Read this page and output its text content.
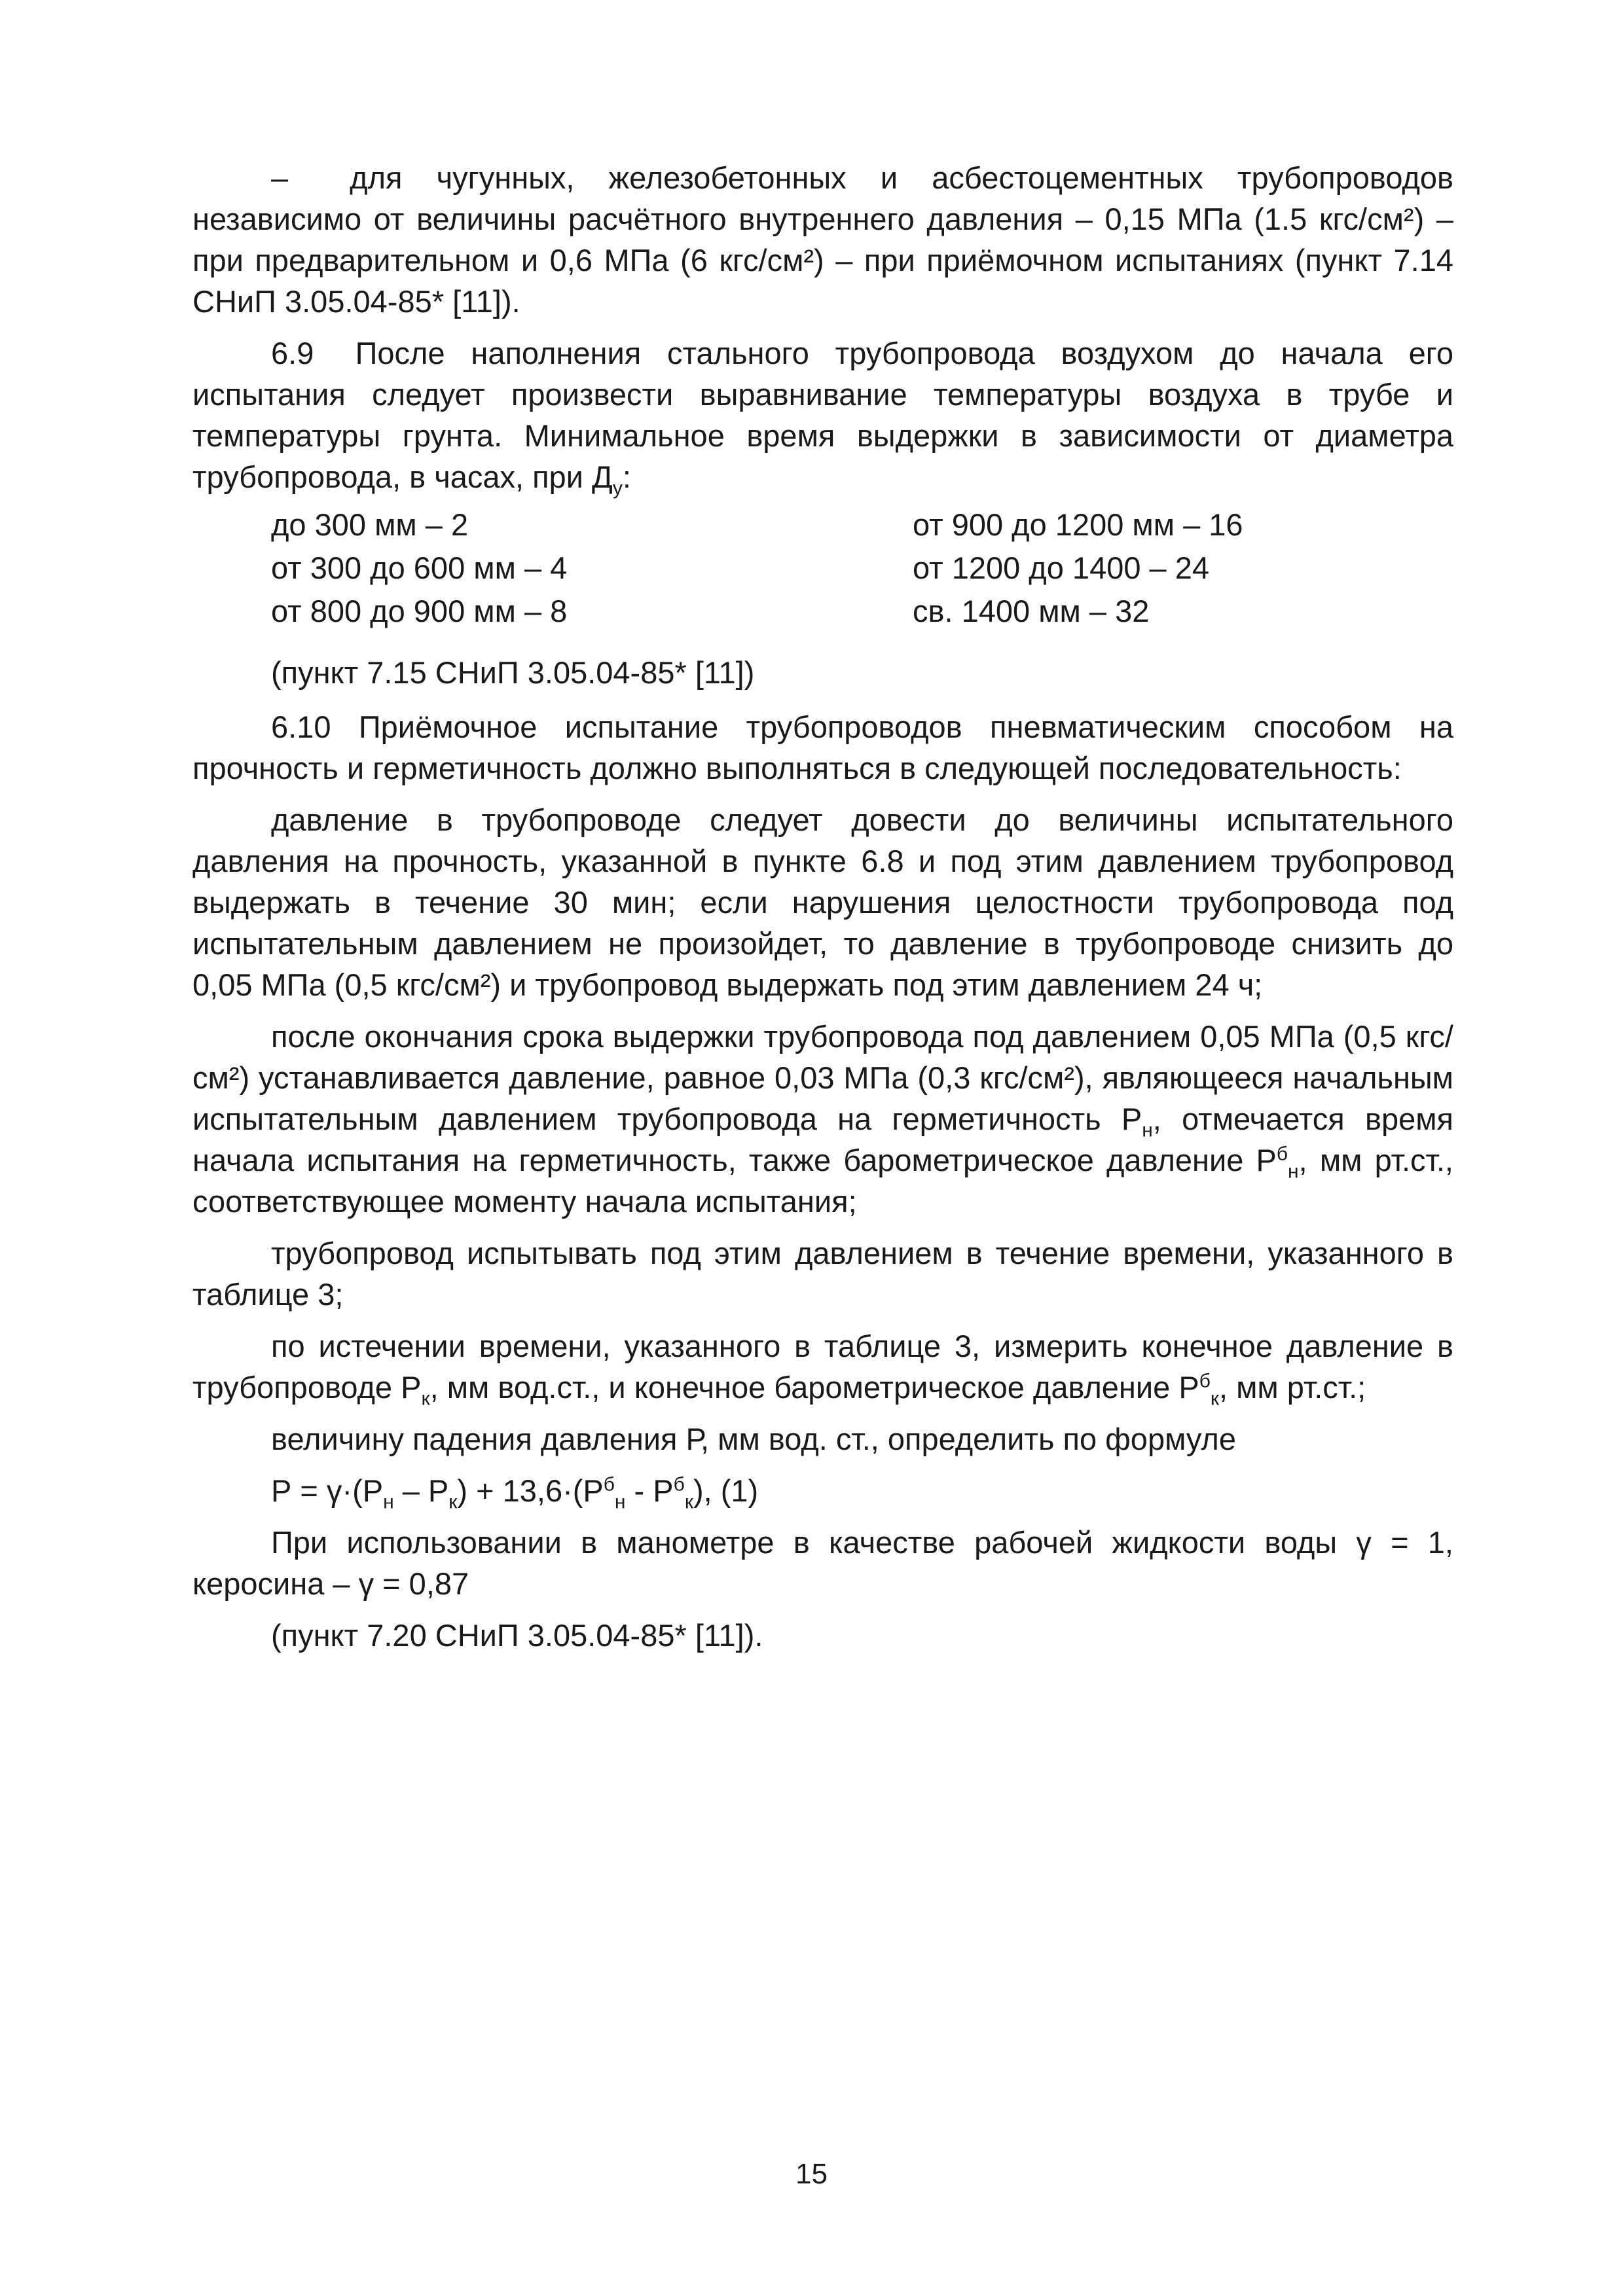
–   для чугунных, железобетонных и асбестоцементных трубопроводов независимо от величины расчётного внутреннего давления – 0,15 МПа (1.5 кгс/см²) – при предварительном и 0,6 МПа (6 кгс/см²) – при приёмочном испытаниях (пункт 7.14 СНиП 3.05.04-85* [11]).

6.9  После наполнения стального трубопровода воздухом до начала его испытания следует произвести выравнивание температуры воздуха в трубе и температуры грунта. Минимальное время выдержки в зависимости от диаметра трубопровода, в часах, при $Д_у$:

до 300 мм – 2	от 900 до 1200 мм – 16
от 300 до 600 мм – 4	от 1200 до 1400 – 24
от 800 до 900 мм – 8	св. 1400 мм – 32

(пункт 7.15 СНиП 3.05.04-85* [11])

6.10 Приёмочное испытание трубопроводов пневматическим способом на прочность и герметичность должно выполняться в следующей последовательность:

давление в трубопроводе следует довести до величины испытательного давления на прочность, указанной в пункте 6.8 и под этим давлением трубопровод выдержать в течение 30 мин; если нарушения целостности трубопровода под испытательным давлением не произойдет, то давление в трубопроводе снизить до 0,05 МПа (0,5 кгс/см²) и трубопровод выдержать под этим давлением 24 ч;

после окончания срока выдержки трубопровода под давлением 0,05 МПа (0,5 кгс/см²) устанавливается давление, равное 0,03 МПа (0,3 кгс/см²), являющееся начальным испытательным давлением трубопровода на герметичность $Р_н$, отмечается время начала испытания на герметичность, также барометрическое давление $Р^б_н$, мм рт.ст., соответствующее моменту начала испытания;

трубопровод испытывать под этим давлением в течение времени, указанного в таблице 3;

по истечении времени, указанного в таблице 3, измерить конечное давление в трубопроводе $Р_к$, мм вод.ст., и конечное барометрическое давление $Р^б_к$, мм рт.ст.;

величину падения давления Р, мм вод. ст., определить по формуле

$Р = \gamma\cdot(Р_н - Р_к) + 13,6\cdot(Р^б_н - Р^б_к)$, (1)

При использовании в манометре в качестве рабочей жидкости воды γ = 1, керосина – γ = 0,87

(пункт 7.20 СНиП 3.05.04-85* [11]).

15
